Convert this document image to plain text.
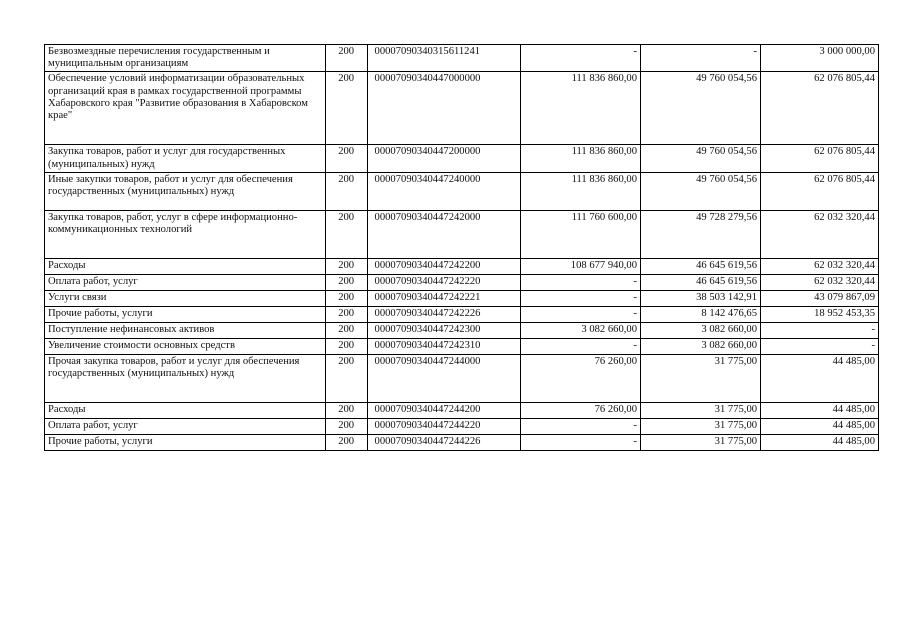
Безвозмездные перечисления государственным и муниципальным организациям	200	00007090340315611241	-	-	3 000 000,00
Обеспечение условий информатизации образовательных организаций края в рамках государственной программы Хабаровского края "Развитие образования в Хабаровском крае"	200	00007090340447000000	111 836 860,00	49 760 054,56	62 076 805,44
Закупка товаров, работ и услуг для государственных (муниципальных) нужд	200	00007090340447200000	111 836 860,00	49 760 054,56	62 076 805,44
Иные закупки товаров, работ и услуг для обеспечения государственных (муниципальных) нужд	200	00007090340447240000	111 836 860,00	49 760 054,56	62 076 805,44
Закупка товаров, работ, услуг в сфере информационно-коммуникационных технологий	200	00007090340447242000	111 760 600,00	49 728 279,56	62 032 320,44
Расходы	200	00007090340447242200	108 677 940,00	46 645 619,56	62 032 320,44
Оплата работ, услуг	200	00007090340447242220	-	46 645 619,56	62 032 320,44
Услуги связи	200	00007090340447242221	-	38 503 142,91	43 079 867,09
Прочие работы, услуги	200	00007090340447242226	-	8 142 476,65	18 952 453,35
Поступление нефинансовых активов	200	00007090340447242300	3 082 660,00	3 082 660,00	-
Увеличение стоимости основных средств	200	00007090340447242310	-	3 082 660,00	-
Прочая закупка товаров, работ и услуг для обеспечения государственных (муниципальных) нужд	200	00007090340447244000	76 260,00	31 775,00	44 485,00
Расходы	200	00007090340447244200	76 260,00	31 775,00	44 485,00
Оплата работ, услуг	200	00007090340447244220	-	31 775,00	44 485,00
Прочие работы, услуги	200	00007090340447244226	-	31 775,00	44 485,00
